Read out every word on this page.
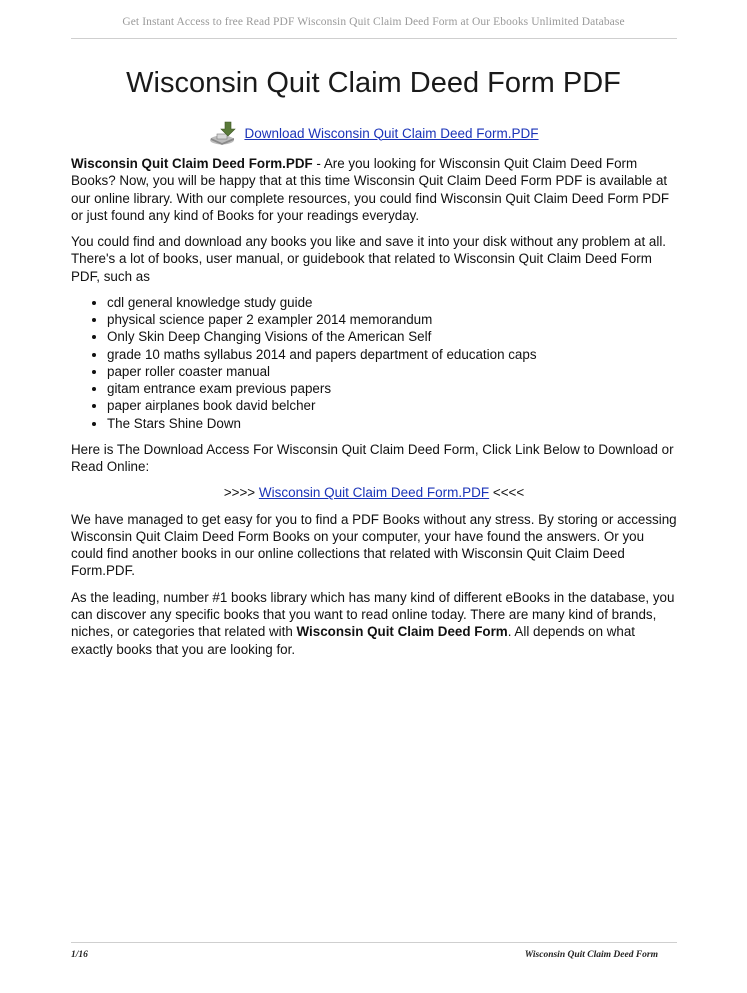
Get Instant Access to free Read PDF Wisconsin Quit Claim Deed Form at Our Ebooks Unlimited Database
Wisconsin Quit Claim Deed Form PDF
Download Wisconsin Quit Claim Deed Form.PDF

Wisconsin Quit Claim Deed Form.PDF - Are you looking for Wisconsin Quit Claim Deed Form Books? Now, you will be happy that at this time Wisconsin Quit Claim Deed Form PDF is available at our online library. With our complete resources, you could find Wisconsin Quit Claim Deed Form PDF or just found any kind of Books for your readings everyday.

You could find and download any books you like and save it into your disk without any problem at all. There's a lot of books, user manual, or guidebook that related to Wisconsin Quit Claim Deed Form PDF, such as

• cdl general knowledge study guide
• physical science paper 2 exampler 2014 memorandum
• Only Skin Deep Changing Visions of the American Self
• grade 10 maths syllabus 2014 and papers department of education caps
• paper roller coaster manual
• gitam entrance exam previous papers
• paper airplanes book david belcher
• The Stars Shine Down

Here is The Download Access For Wisconsin Quit Claim Deed Form, Click Link Below to Download or Read Online:

>>>> Wisconsin Quit Claim Deed Form.PDF <<<<

We have managed to get easy for you to find a PDF Books without any stress. By storing or accessing Wisconsin Quit Claim Deed Form Books on your computer, your have found the answers. Or you could find another books in our online collections that related with Wisconsin Quit Claim Deed Form.PDF.

As the leading, number #1 books library which has many kind of different eBooks in the database, you can discover any specific books that you want to read online today. There are many kind of brands, niches, or categories that related with Wisconsin Quit Claim Deed Form. All depends on what exactly books that you are looking for.

1/16	Wisconsin Quit Claim Deed Form
